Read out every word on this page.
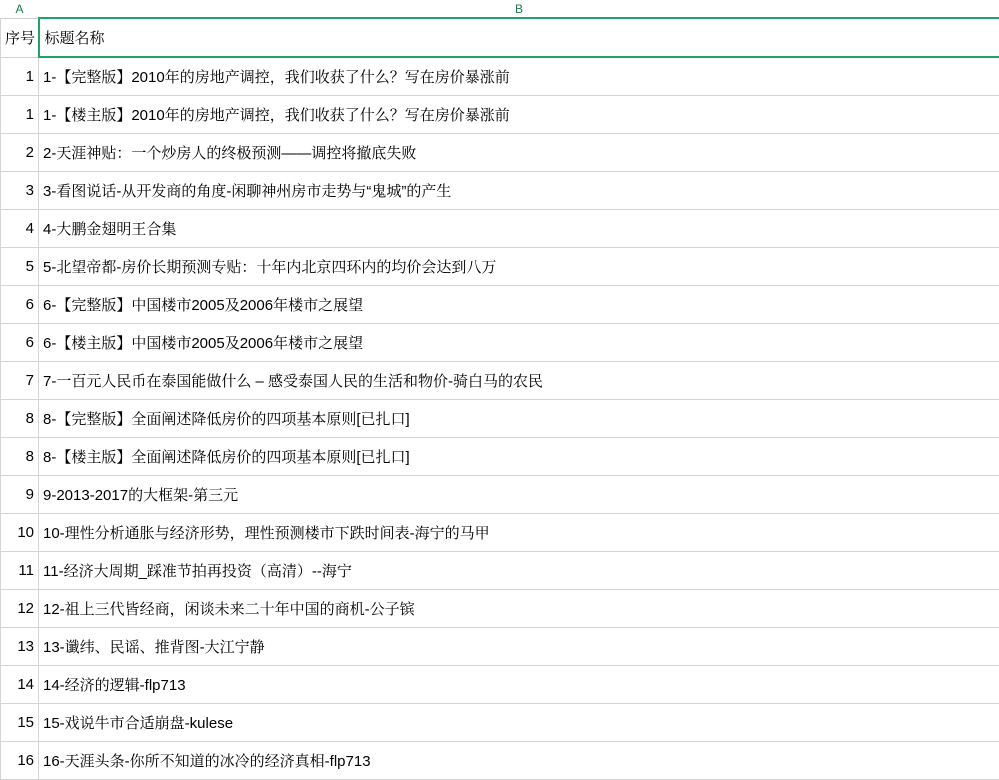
A	B
序号	标题名称
1	1-【完整版】2010年的房地产调控，我们收获了什么？写在房价暴涨前
1	1-【楼主版】2010年的房地产调控，我们收获了什么？写在房价暴涨前
2	2-天涯神贴：一个炒房人的终极预测——调控将撤底失败
3	3-看图说话-从开发商的角度-闲聊神州房市走势与“鬼城”的产生
4	4-大鹏金翅明王合集
5	5-北望帝都-房价长期预测专贴：十年内北京四环内的均价会达到八万
6	6-【完整版】中国楼市2005及2006年楼市之展望
6	6-【楼主版】中国楼市2005及2006年楼市之展望
7	7-一百元人民币在泰国能做什么 – 感受泰国人民的生活和物价-骑白马的农民
8	8-【完整版】全面阐述降低房价的四项基本原则[已扎口]
8	8-【楼主版】全面阐述降低房价的四项基本原则[已扎口]
9	9-2013-2017的大框架-第三元
10	10-理性分析通胀与经济形势，理性预测楼市下跌时间表-海宁的马甲
11	11-经济大周期_踩准节拍再投资（高清）--海宁
12	12-祖上三代皆经商，闲谈未来二十年中国的商机-公子镔
13	13-谶纬、民谣、推背图-大江宁静
14	14-经济的逻辑-flp713
15	15-戏说牛市合适崩盘-kulese
16	16-天涯头条-你所不知道的冰冷的经济真相-flp713
